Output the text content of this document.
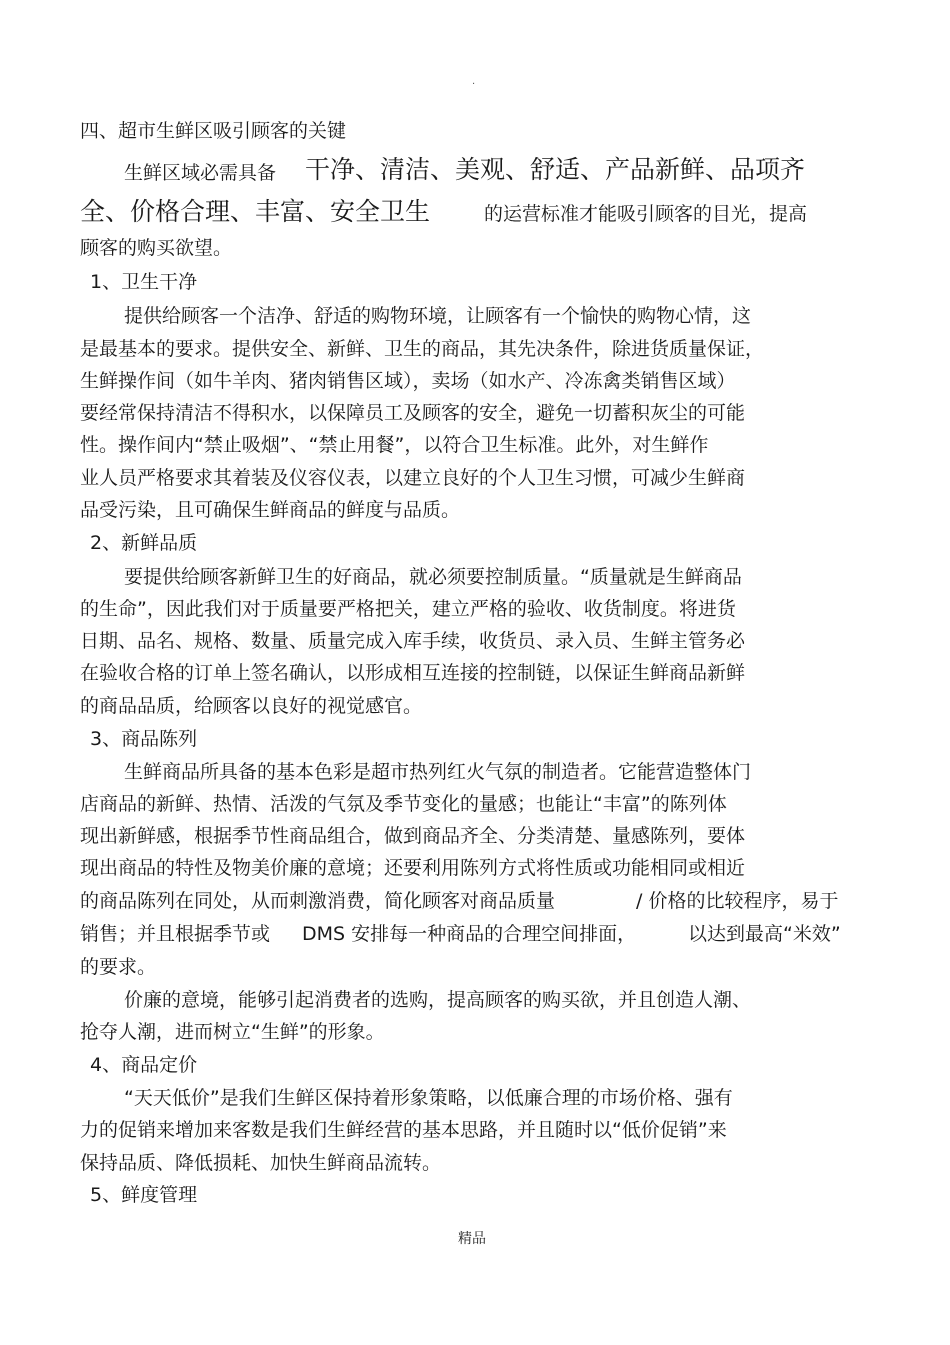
.
四、超市生鲜区吸引顾客的关键
生鲜区域必需具备 干净、清洁、美观、舒适、产品新鲜、品项齐
全、价格合理、丰富、安全卫生	的运营标准才能吸引顾客的目光，提高
顾客的购买欲望。
1、卫生干净
提供给顾客一个洁净、舒适的购物环境，让顾客有一个愉快的购物心情，这
是最基本的要求。提供安全、新鲜、卫生的商品，其先决条件，除进货质量保证，
生鲜操作间（如牛羊肉、猪肉销售区域），卖场（如水产、冷冻禽类销售区域）
要经常保持清洁不得积水，以保障员工及顾客的安全，避免一切蓄积灰尘的可能
性。操作间内“禁止吸烟”、“禁止用餐”，以符合卫生标准。此外，对生鲜作
业人员严格要求其着装及仪容仪表，以建立良好的个人卫生习惯，可减少生鲜商
品受污染，且可确保生鲜商品的鲜度与品质。
2、新鲜品质
要提供给顾客新鲜卫生的好商品，就必须要控制质量。“质量就是生鲜商品
的生命”，因此我们对于质量要严格把关，建立严格的验收、收货制度。将进货
日期、品名、规格、数量、质量完成入库手续，收货员、录入员、生鲜主管务必
在验收合格的订单上签名确认，以形成相互连接的控制链，以保证生鲜商品新鲜
的商品品质，给顾客以良好的视觉感官。
3、商品陈列
生鲜商品所具备的基本色彩是超市热列红火气氛的制造者。它能营造整体门
店商品的新鲜、热情、活泼的气氛及季节变化的量感；也能让“丰富”的陈列体
现出新鲜感，根据季节性商品组合，做到商品齐全、分类清楚、量感陈列，要体
现出商品的特性及物美价廉的意境；还要利用陈列方式将性质或功能相同或相近
的商品陈列在同处，从而刺激消费，简化顾客对商品质量	/ 价格的比较程序，易于
销售；并且根据季节或 DMS 安排每一种商品的合理空间排面，	以达到最高“米效”
的要求。
价廉的意境，能够引起消费者的选购，提高顾客的购买欲，并且创造人潮、
抢夺人潮，进而树立“生鲜”的形象。
4、商品定价
“天天低价”是我们生鲜区保持着形象策略，以低廉合理的市场价格、强有
力的促销来增加来客数是我们生鲜经营的基本思路，并且随时以“低价促销”来
保持品质、降低损耗、加快生鲜商品流转。
5、鲜度管理
精品
